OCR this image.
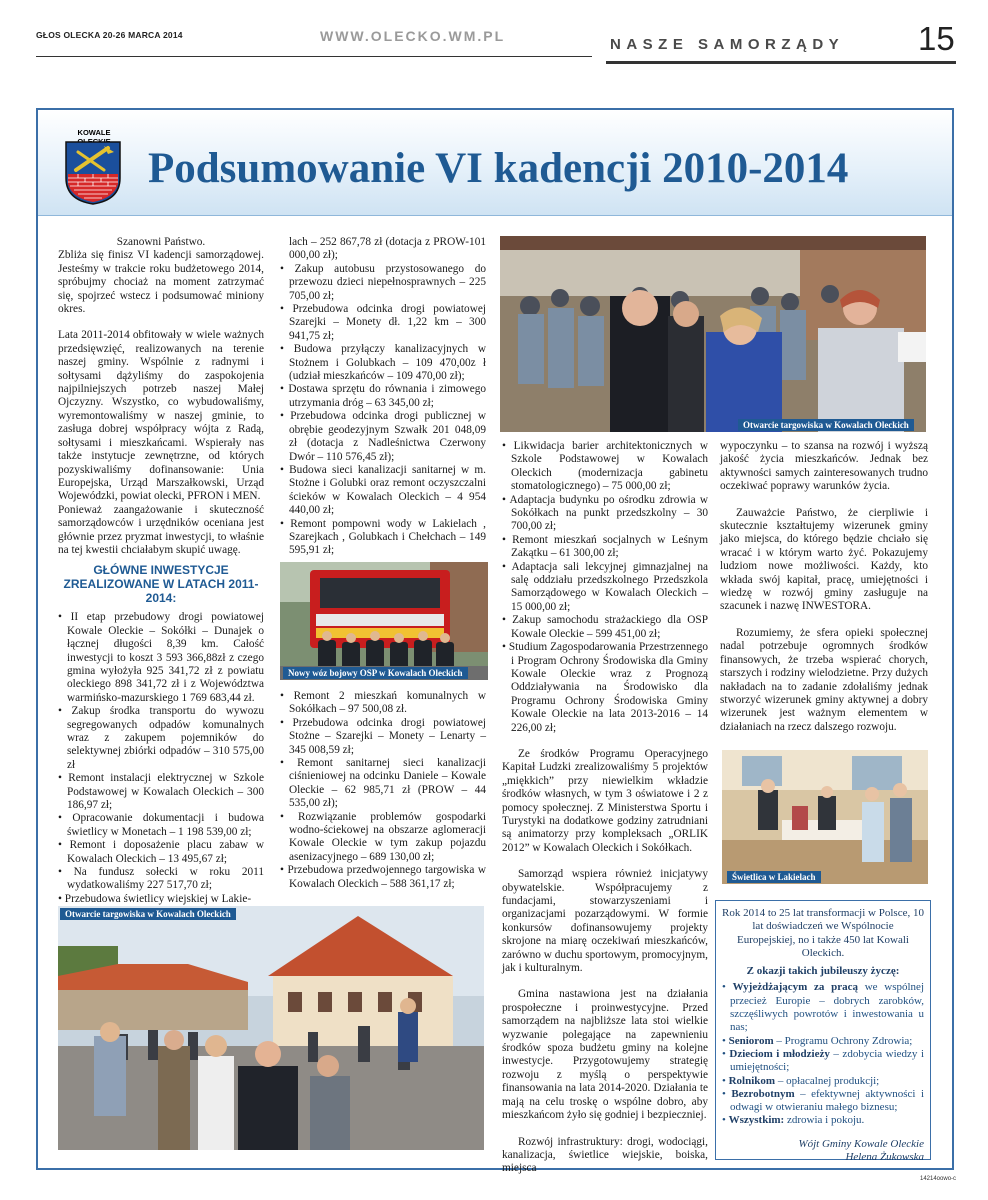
GŁOS OLECKA 20-26 MARCA 2014	WWW.OLECKO.WM.PL	NASZE SAMORZĄDY 15
KOWALE
Podsumowanie VI kadencji 2010-2014

Szanowni Państwo.

Zbliża się finisz VI kadencji samorządowej. Jesteśmy w trakcie roku budżetowego 2014, spróbujmy chociaż na moment zatrzymać się, spojrzeć wstecz i podsumować miniony okres.

Lata 2011-2014 obfitowały w wiele ważnych przedsięwzięć, realizowanych na terenie naszej gminy. Wspólnie z radnymi i sołtysami dążyliśmy do zaspokojenia najpilniejszych potrzeb naszej Małej Ojczyzny. Wszystko, co wybudowaliśmy, wyremontowaliśmy w naszej gminie, to zasługa dobrej współpracy wójta z Radą, sołtysami i mieszkańcami. Wspierały nas także instytucje zewnętrzne, od których pozyskiwaliśmy dofinansowanie: Unia Europejska, Urząd Marszałkowski, Urząd Wojewódzki, powiat olecki, PFRON i MEN.

Ponieważ zaangażowanie i skuteczność samorządowców i urzędników oceniana jest głównie przez pryzmat inwestycji, to właśnie na tej kwestii chciałabym skupić uwagę.

GŁÓWNE INWESTYCJE ZREALIZOWANE W LATACH 2011-2014:
• II etap przebudowy drogi powiatowej Kowale Oleckie – Sokółki – Dunajek o łącznej długości 8,39 km. Całość inwestycji to koszt 3 593 366,88zł z czego gmina wyłożyła 925 341,72 zł z powiatu oleckiego 898 341,72 zł i z Województwa warmińsko-mazurskiego 1 769 683,44 zł.
• Zakup środka transportu do wywozu segregowanych odpadów komunalnych wraz z zakupem pojemników do selektywnej zbiórki odpadów – 310 575,00 zł
• Remont instalacji elektrycznej w Szkole Podstawowej w Kowalach Oleckich – 300 186,97 zł;
• Opracowanie dokumentacji i budowa świetlicy w Monetach – 1 198 539,00 zł;
• Remont i doposażenie placu zabaw w Kowalach Oleckich – 13 495,67 zł;
• Na fundusz sołecki w roku 2011 wydatkowaliśmy 227 517,70 zł;
• Przebudowa świetlicy wiejskiej w Lakie-

lach – 252 867,78 zł (dotacja z PROW-101 000,00 zł);

• Zakup autobusu przystosowanego do przewozu dzieci niepełnosprawnych – 225 705,00 zł;
• Przebudowa odcinka drogi powiatowej Szarejki – Monety dł. 1,22 km – 300 941,75 zł;
• Budowa przyłączy kanalizacyjnych w Stożnem i Golubkach – 109 470,00z ł (udział mieszkańców – 109 470,00 zł);
• Dostawa sprzętu do równania i zimowego utrzymania dróg – 63 345,00 zł;
• Przebudowa odcinka drogi publicznej w obrębie geodezyjnym Szwałk 201 048,09 zł (dotacja z Nadleśnictwa Czerwony Dwór – 110 576,45 zł);
• Budowa sieci kanalizacji sanitarnej w m. Stożne i Golubki oraz remont oczyszczalni ścieków w Kowalach Oleckich – 4 954 440,00 zł;
• Remont pompowni wody w Lakielach , Szarejkach , Golubkach i Chełchach – 149 595,91 zł;
Nowy wóz bojowy OSP w Kowalach Oleckich
• Remont 2 mieszkań komunalnych w Sokółkach – 97 500,08 zł.
• Przebudowa odcinka drogi powiatowej Stożne – Szarejki – Monety – Lenarty – 345 008,59 zł;
• Remont sanitarnej sieci kanalizacji ciśnieniowej na odcinku Daniele – Kowale Oleckie – 62 985,71 zł (PROW – 44 535,00 zł);
• Rozwiązanie problemów gospodarki wodno-ściekowej na obszarze aglomeracji Kowale Oleckie w tym zakup pojazdu asenizacyjnego – 689 130,00 zł;
• Przebudowa przedwojennego targowiska w Kowalach Oleckich – 588 361,17 zł;
Otwarcie targowiska w Kowalach Oleckich
• Likwidacja barier architektonicznych w Szkole Podstawowej w Kowalach Oleckich (modernizacja gabinetu stomatologicznego) – 75 000,00 zł;
• Adaptacja budynku po ośrodku zdrowia w Sokółkach na punkt przedszkolny – 30 700,00 zł;
• Remont mieszkań socjalnych w Leśnym Zakątku – 61 300,00 zł;
• Adaptacja sali lekcyjnej gimnazjalnej na salę oddziału przedszkolnego Przedszkola Samorządowego w Kowalach Oleckich – 15 000,00 zł;
• Zakup samochodu strażackiego dla OSP Kowale Oleckie – 599 451,00 zł;
• Studium Zagospodarowania Przestrzennego i Program Ochrony Środowiska dla Gminy Kowale Oleckie wraz z Prognozą Oddziaływania na Środowisko dla Programu Ochrony Środowiska Gminy Kowale Oleckie na lata 2013-2016 – 14 226,00 zł;

Ze środków Programu Operacyjnego Kapitał Ludzki zrealizowaliśmy 5 projektów „miękkich” przy niewielkim wkładzie środków własnych, w tym 3 oświatowe i 2 z pomocy społecznej. Z Ministerstwa Sportu i Turystyki na dodatkowe godziny zatrudniani są animatorzy przy kompleksach „ORLIK 2012” w Kowalach Oleckich i Sokółkach.

Samorząd wspiera również inicjatywy obywatelskie. Współpracujemy z fundacjami, stowarzyszeniami i organizacjami pozarządowymi. W formie konkursów dofinansowujemy projekty skrojone na miarę oczekiwań mieszkańców, zarówno w duchu sportowym, promocyjnym, jak i kulturalnym.

Gmina nastawiona jest na działania prospołeczne i proinwestycyjne. Przed samorządem na najbliższe lata stoi wielkie wyzwanie polegające na zapewnieniu środków spoza budżetu gminy na kolejne inwestycje. Przygotowujemy strategię rozwoju z myślą o perspektywie finansowania na lata 2014-2020. Działania te mają na celu troskę o wspólne dobro, aby mieszkańcom żyło się godniej i bezpieczniej.

Rozwój infrastruktury: drogi, wodociągi, kanalizacja, świetlice wiejskie, boiska, miejsca

wypoczynku – to szansa na rozwój i wyższą jakość życia mieszkańców. Jednak bez aktywności samych zainteresowanych trudno oczekiwać poprawy warunków życia.

Zauważcie Państwo, że cierpliwie i skutecznie kształtujemy wizerunek gminy jako miejsca, do którego będzie chciało się wracać i w którym warto żyć. Pokazujemy ludziom nowe możliwości. Każdy, kto wkłada swój kapitał, pracę, umiejętności i wiedzę w rozwój gminy zasługuje na szacunek i nazwę INWESTORA.

Rozumiemy, że sfera opieki społecznej nadal potrzebuje ogromnych środków finansowych, że trzeba wspierać chorych, starszych i rodziny wielodzietne. Przy dużych nakładach na to zadanie zdołaliśmy jednak stworzyć wizerunek gminy aktywnej a dobry wizerunek jest ważnym elementem w działaniach na rzecz dalszego rozwoju.

Świetlica w Lakielach
Otwarcie targowiska w Kowalach Oleckich	Rok 2014 to 25 lat transformacji w Polsce, 10 lat doświadczeń we Wspólnocie Europejskiej, no i także 450 lat Kowali Oleckich.

Z okazji takich jubileuszy życzę:

• Wyjeżdżającym za pracą we wspólnej przecież Europie – dobrych zarobków, szczęśliwych powrotów i inwestowania u nas;
• Seniorom – Programu Ochrony Zdrowia;
• Dzieciom i młodzieży – zdobycia wiedzy i umiejętności;
• Rolnikom – opłacalnej produkcji;
• Bezrobotnym – efektywnej aktywności i odwagi w otwieraniu małego biznesu;
• Wszystkim: zdrowia i pokoju.

Wójt Gminy Kowale Oleckie
Helena Żukowska

14214oowo-c
